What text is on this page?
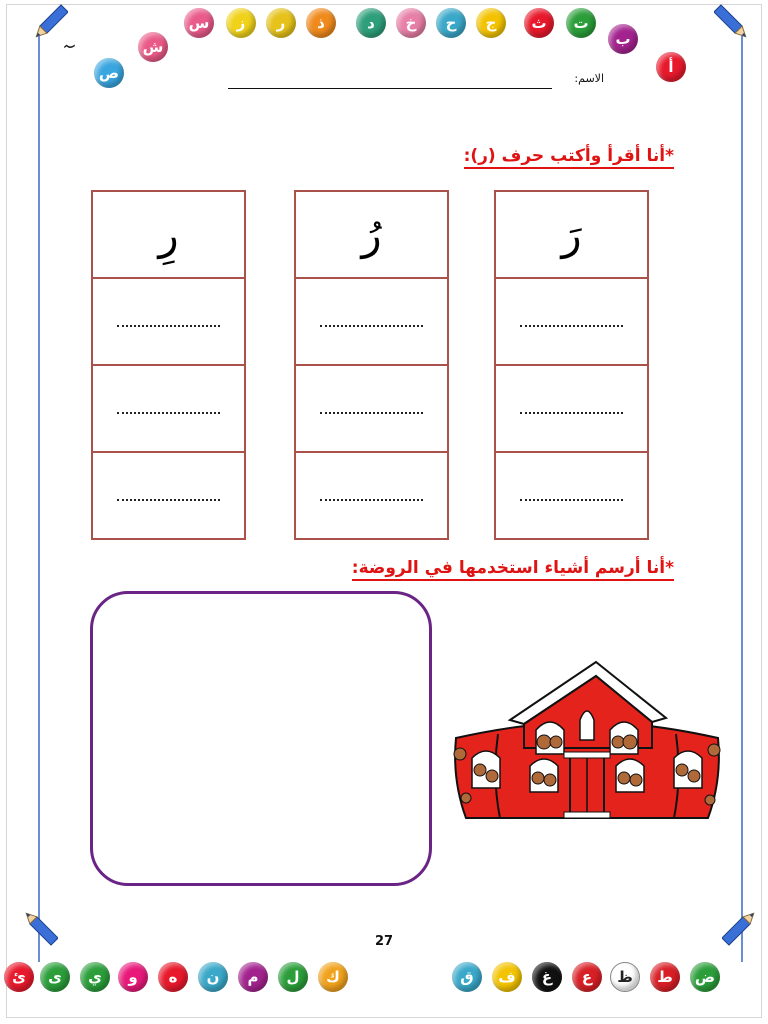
أ
ب
ت
ث
ج
ح
خ
د
ذ
ر
ز
س
ش
ص	الاسم:
*أنا أقرأ وأكتب حرف (ر):
رَ
رُ
رِ
*أنا أرسم أشياء استخدمها في الروضة:
27
ض
ط
ظ
ع
غ
ف
ق
ك
ل
م
ن
ه
و
ي
ى
ئ
